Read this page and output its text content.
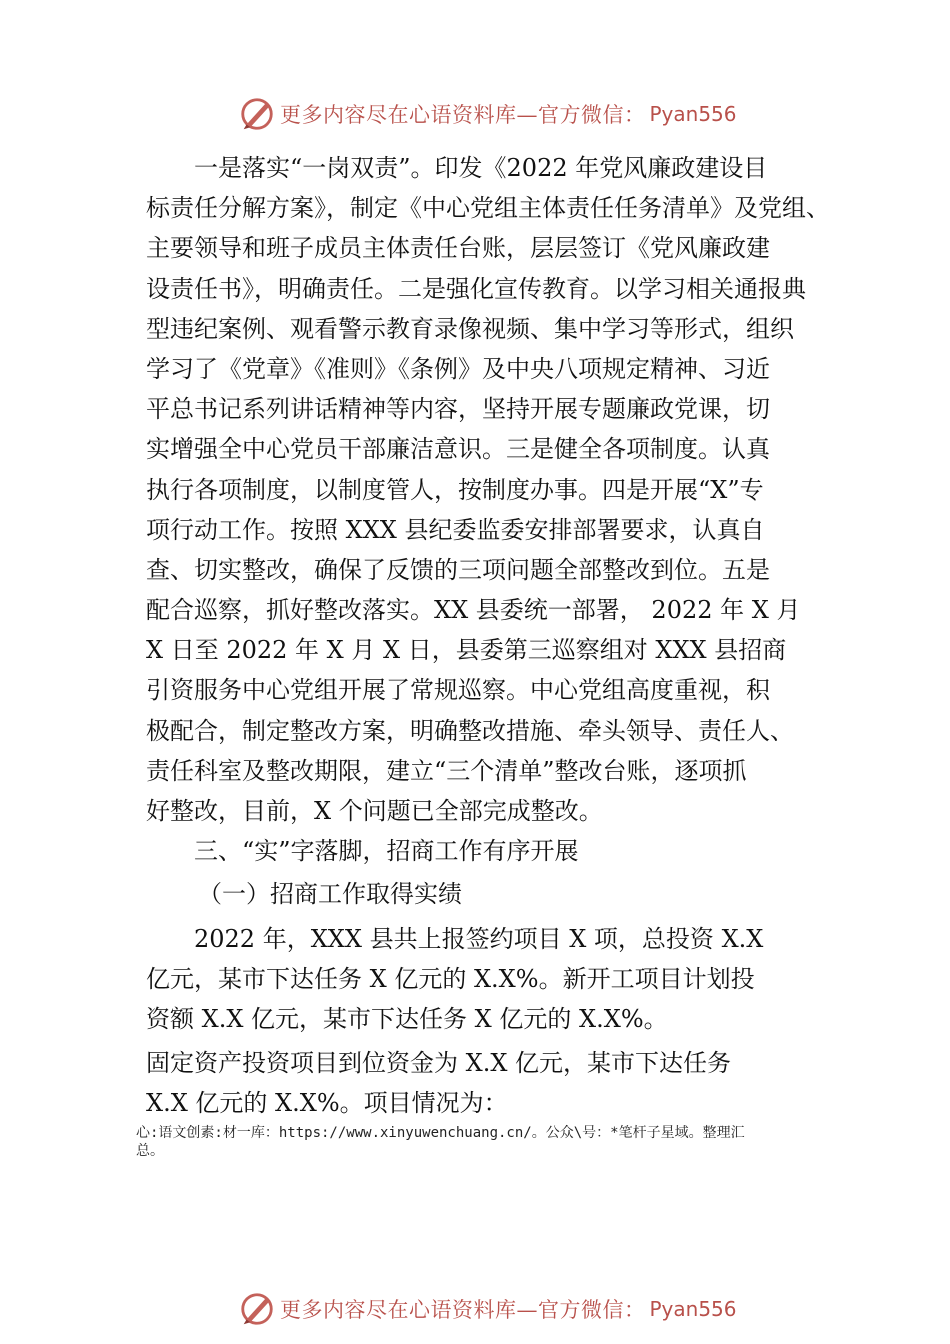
更多内容尽在心语资料库—官方微信： Pyan556
一是落实“一岗双责”。印发《2022 年党风廉政建设目
标责任分解方案》，制定《中心党组主体责任任务清单》及党组、
主要领导和班子成员主体责任台账，层层签订《党风廉政建
设责任书》，明确责任。二是强化宣传教育。以学习相关通报典
型违纪案例、观看警示教育录像视频、集中学习等形式，组织
学习了《党章》《准则》《条例》及中央八项规定精神、习近
平总书记系列讲话精神等内容，坚持开展专题廉政党课，切
实增强全中心党员干部廉洁意识。三是健全各项制度。认真
执行各项制度，以制度管人，按制度办事。四是开展“X”专
项行动工作。按照 XXX 县纪委监委安排部署要求，认真自
查、切实整改，确保了反馈的三项问题全部整改到位。五是
配合巡察，抓好整改落实。XX 县委统一部署， 2022 年 X 月
X 日至 2022 年 X 月 X 日，县委第三巡察组对 XXX 县招商
引资服务中心党组开展了常规巡察。中心党组高度重视，积
极配合，制定整改方案，明确整改措施、牵头领导、责任人、
责任科室及整改期限，建立“三个清单”整改台账，逐项抓
好整改，目前，X 个问题已全部完成整改。
三、“实”字落脚，招商工作有序开展
（一）招商工作取得实绩
2022 年，XXX 县共上报签约项目 X 项，总投资 X.X
亿元，某市下达任务 X 亿元的 X.X%。新开工项目计划投
资额 X.X 亿元，某市下达任务 X 亿元的 X.X%。
固定资产投资项目到位资金为 X.X 亿元，某市下达任务
X.X 亿元的 X.X%。项目情况为：
心:语文创素:材一库：https://www.xinyuwenchuang.cn/。公众\号：*笔杆子星域。整理汇
总。
更多内容尽在心语资料库—官方微信： Pyan556
